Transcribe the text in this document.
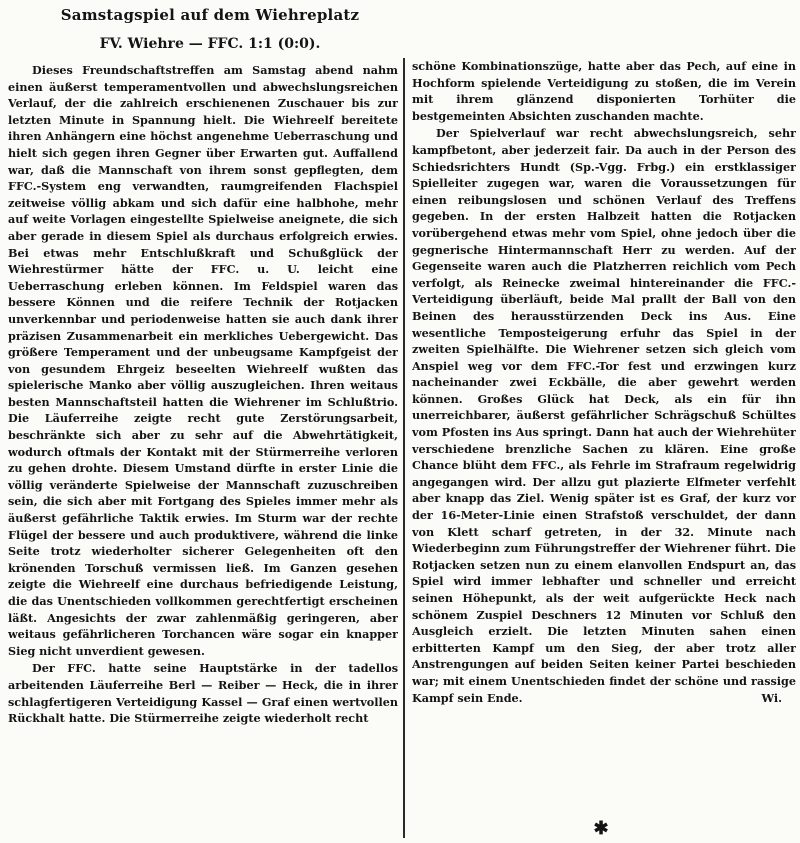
Samstagspiel auf dem Wiehreplatz
FV. Wiehre — FFC. 1:1 (0:0).

Dieses Freundschaftstreffen am Samstag abend nahm einen äußerst temperamentvollen und abwechslungsreichen Verlauf, der die zahlreich erschienenen Zuschauer bis zur letzten Minute in Spannung hielt. Die Wiehreelf bereitete ihren Anhängern eine höchst angenehme Ueberraschung und hielt sich gegen ihren Gegner über Erwarten gut. Auffallend war, daß die Mannschaft von ihrem sonst gepflegten, dem FFC.-System eng verwandten, raumgreifenden Flachspiel zeitweise völlig abkam und sich dafür eine halbhohe, mehr auf weite Vorlagen eingestellte Spielweise aneignete, die sich aber gerade in diesem Spiel als durchaus erfolgreich erwies. Bei etwas mehr Entschlußkraft und Schußglück der Wiehrestürmer hätte der FFC. u. U. leicht eine Ueberraschung erleben können. Im Feldspiel waren das bessere Können und die reifere Technik der Rotjacken unverkennbar und periodenweise hatten sie auch dank ihrer präzisen Zusammenarbeit ein merkliches Uebergewicht. Das größere Temperament und der unbeugsame Kampfgeist der von gesundem Ehrgeiz beseelten Wiehreelf wußten das spielerische Manko aber völlig auszugleichen. Ihren weitaus besten Mannschaftsteil hatten die Wiehrener im Schlußtrio. Die Läuferreihe zeigte recht gute Zerstörungsarbeit, beschränkte sich aber zu sehr auf die Abwehrtätigkeit, wodurch oftmals der Kontakt mit der Stürmerreihe verloren zu gehen drohte. Diesem Umstand dürfte in erster Linie die völlig veränderte Spielweise der Mannschaft zuzuschreiben sein, die sich aber mit Fortgang des Spieles immer mehr als äußerst gefährliche Taktik erwies. Im Sturm war der rechte Flügel der bessere und auch produktivere, während die linke Seite trotz wiederholter sicherer Gelegenheiten oft den krönenden Torschuß vermissen ließ. Im Ganzen gesehen zeigte die Wiehreelf eine durchaus befriedigende Leistung, die das Unentschieden vollkommen gerechtfertigt erscheinen läßt. Angesichts der zwar zahlenmäßig geringeren, aber weitaus gefährlicheren Torchancen wäre sogar ein knapper Sieg nicht unverdient gewesen.

Der FFC. hatte seine Hauptstärke in der tadellos arbeitenden Läuferreihe Berl — Reiber — Heck, die in ihrer schlagfertigeren Verteidigung Kassel — Graf einen wertvollen Rückhalt hatte. Die Stürmerreihe zeigte wiederholt recht

schöne Kombinationszüge, hatte aber das Pech, auf eine in Hochform spielende Verteidigung zu stoßen, die im Verein mit ihrem glänzend disponierten Torhüter die bestgemeinten Absichten zuschanden machte.

Der Spielverlauf war recht abwechslungsreich, sehr kampfbetont, aber jederzeit fair. Da auch in der Person des Schiedsrichters Hundt (Sp.-Vgg. Frbg.) ein erstklassiger Spielleiter zugegen war, waren die Voraussetzungen für einen reibungslosen und schönen Verlauf des Treffens gegeben. In der ersten Halbzeit hatten die Rotjacken vorübergehend etwas mehr vom Spiel, ohne jedoch über die gegnerische Hintermannschaft Herr zu werden. Auf der Gegenseite waren auch die Platzherren reichlich vom Pech verfolgt, als Reinecke zweimal hintereinander die FFC.-Verteidigung überläuft, beide Mal prallt der Ball von den Beinen des herausstürzenden Deck ins Aus. Eine wesentliche Temposteigerung erfuhr das Spiel in der zweiten Spielhälfte. Die Wiehrener setzen sich gleich vom Anspiel weg vor dem FFC.-Tor fest und erzwingen kurz nacheinander zwei Eckbälle, die aber gewehrt werden können. Großes Glück hat Deck, als ein für ihn unerreichbarer, äußerst gefährlicher Schrägschuß Schültes vom Pfosten ins Aus springt. Dann hat auch der Wiehrehüter verschiedene brenzliche Sachen zu klären. Eine große Chance blüht dem FFC., als Fehrle im Strafraum regelwidrig angegangen wird. Der allzu gut plazierte Elfmeter verfehlt aber knapp das Ziel. Wenig später ist es Graf, der kurz vor der 16-Meter-Linie einen Strafstoß verschuldet, der dann von Klett scharf getreten, in der 32. Minute nach Wiederbeginn zum Führungstreffer der Wiehrener führt. Die Rotjacken setzen nun zu einem elanvollen Endspurt an, das Spiel wird immer lebhafter und schneller und erreicht seinen Höhepunkt, als der weit aufgerückte Heck nach schönem Zuspiel Deschners 12 Minuten vor Schluß den Ausgleich erzielt. Die letzten Minuten sahen einen erbitterten Kampf um den Sieg, der aber trotz aller Anstrengungen auf beiden Seiten keiner Partei beschieden war; mit einem Unentschieden findet der schöne und rassige Kampf sein Ende.	Wi.

✱
